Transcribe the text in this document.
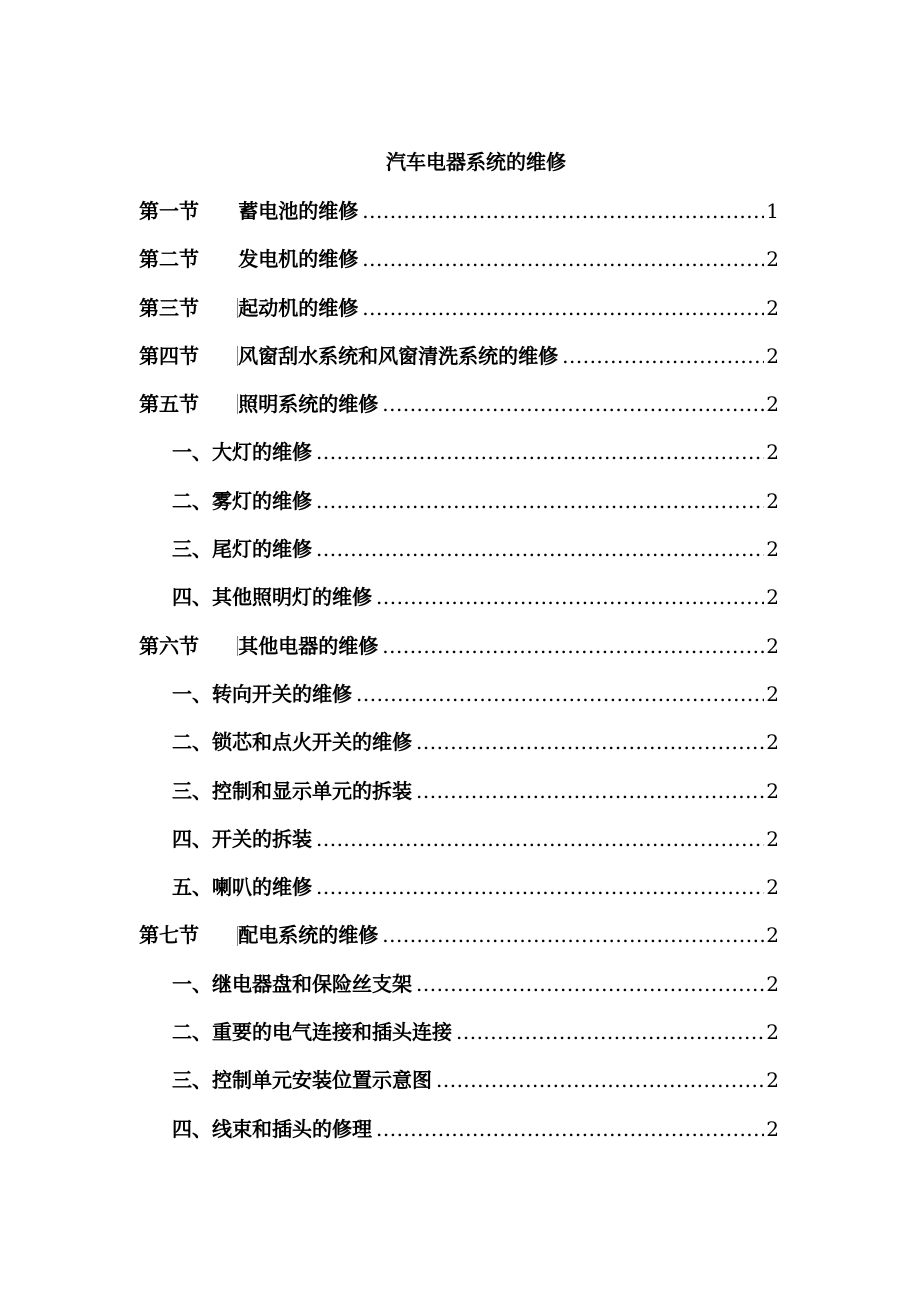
汽车电器系统的维修
第一节	蓄电池的维修 .....	1
第二节	发电机的维修 .....	2
第三节	起动机的维修 .....	2
第四节	风窗刮水系统和风窗清洗系统的维修 .....	2
第五节	照明系统的维修 .....	2
一、大灯的维修 .....	2
二、雾灯的维修 .....	2
三、尾灯的维修 .....	2
四、其他照明灯的维修 .....	2
第六节	其他电器的维修 .....	2
一、转向开关的维修 .....	2
二、锁芯和点火开关的维修 .....	2
三、控制和显示单元的拆装 .....	2
四、开关的拆装 .....	2
五、喇叭的维修 .....	2
第七节	配电系统的维修 .....	2
一、继电器盘和保险丝支架 .....	2
二、重要的电气连接和插头连接 .....	2
三、控制单元安装位置示意图 .....	2
四、线束和插头的修理 .....	2
